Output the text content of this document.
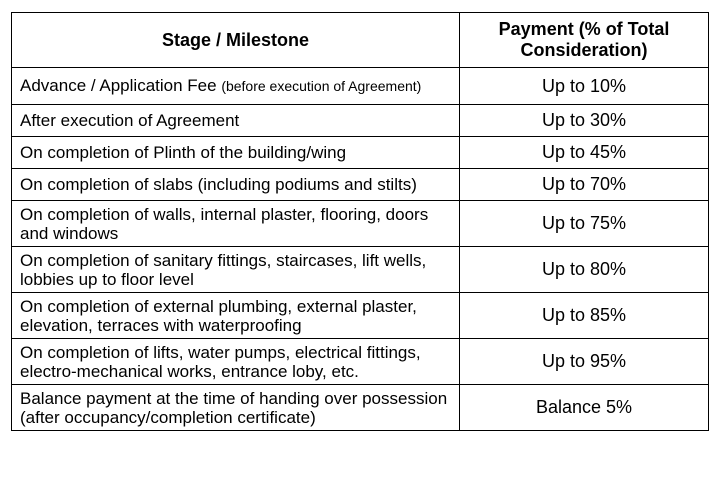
Stage / Milestone	Payment (% of Total Consideration)
Advance / Application Fee (before execution of Agreement)	Up to 10%
After execution of Agreement	Up to 30%
On completion of Plinth of the building/wing	Up to 45%
On completion of slabs (including podiums and stilts)	Up to 70%
On completion of walls, internal plaster, flooring, doors and windows	Up to 75%
On completion of sanitary fittings, staircases, lift wells, lobbies up to floor level	Up to 80%
On completion of external plumbing, external plaster, elevation, terraces with waterproofing	Up to 85%
On completion of lifts, water pumps, electrical fittings, electro-mechanical works, entrance loby, etc.	Up to 95%
Balance payment at the time of handing over possession (after occupancy/completion certificate)	Balance 5%
